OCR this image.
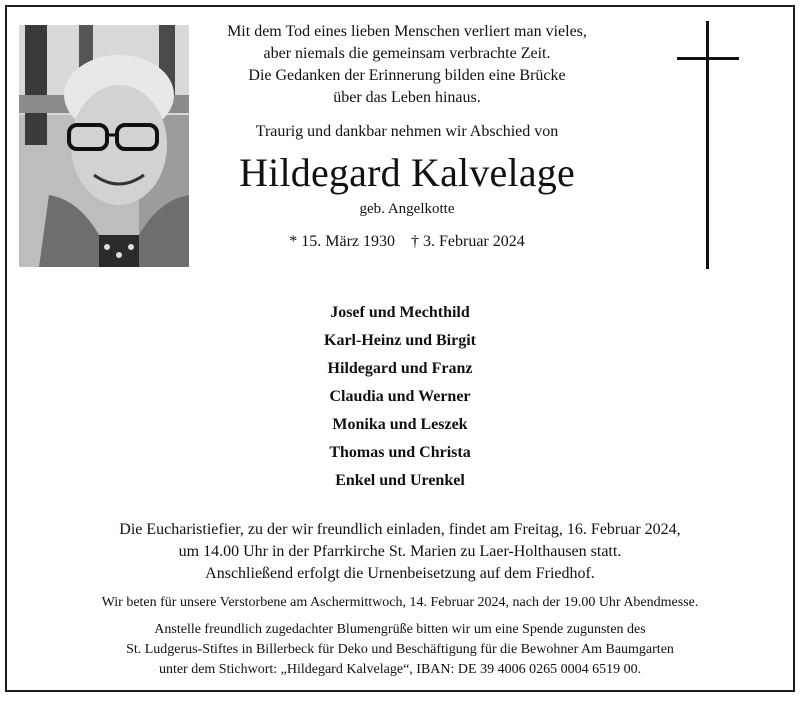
Mit dem Tod eines lieben Menschen verliert man vieles,
aber niemals die gemeinsam verbrachte Zeit.
Die Gedanken der Erinnerung bilden eine Brücke
über das Leben hinaus.
Traurig und dankbar nehmen wir Abschied von
Hildegard Kalvelage
geb. Angelkotte
* 15. März 1930 † 3. Februar 2024
Josef und Mechthild
Karl-Heinz und Birgit
Hildegard und Franz
Claudia und Werner
Monika und Leszek
Thomas und Christa
Enkel und Urenkel
Die Eucharistiefier, zu der wir freundlich einladen, findet am Freitag, 16. Februar 2024,
um 14.00 Uhr in der Pfarrkirche St. Marien zu Laer-Holthausen statt.
Anschließend erfolgt die Urnenbeisetzung auf dem Friedhof.
Wir beten für unsere Verstorbene am Aschermittwoch, 14. Februar 2024, nach der 19.00 Uhr Abendmesse.
Anstelle freundlich zugedachter Blumengrüße bitten wir um eine Spende zugunsten des
St. Ludgerus-Stiftes in Billerbeck für Deko und Beschäftigung für die Bewohner Am Baumgarten
unter dem Stichwort: „Hildegard Kalvelage“, IBAN: DE 39 4006 0265 0004 6519 00.
